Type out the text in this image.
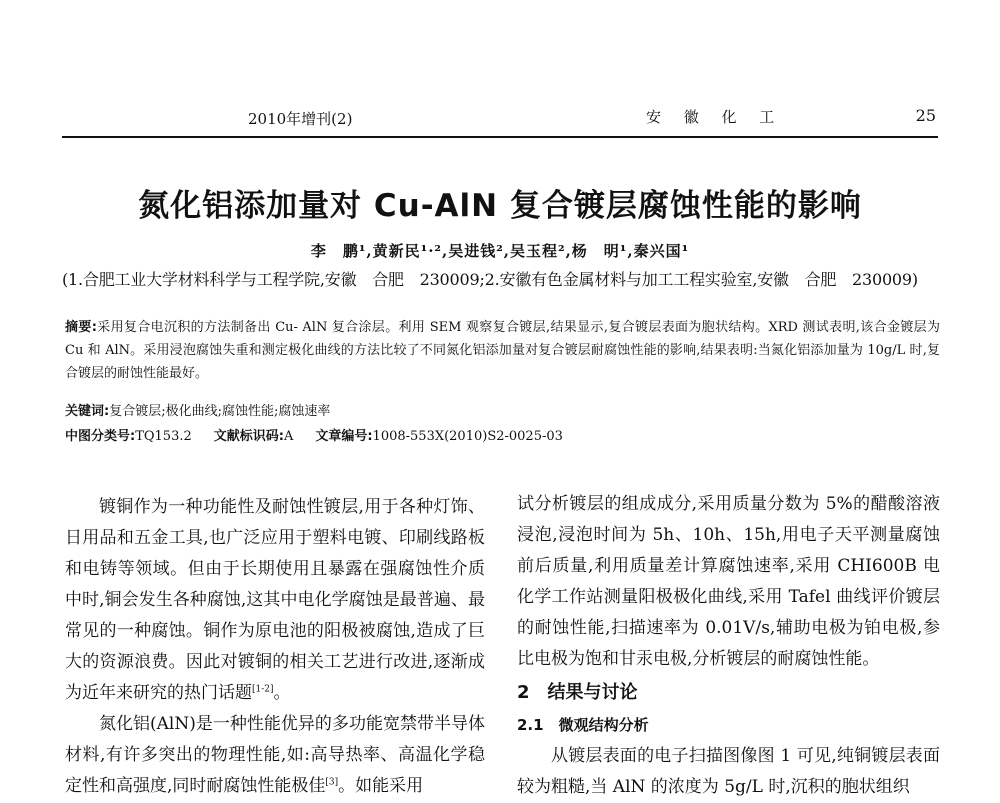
2010年增刊(2)	安 徽 化 工	25
氮化铝添加量对 Cu-AlN 复合镀层腐蚀性能的影响
李　鹏¹,黄新民¹·²,吴进钱²,吴玉程²,杨　明¹,秦兴国¹
(1.合肥工业大学材料科学与工程学院,安徽　合肥　230009;2.安徽有色金属材料与加工工程实验室,安徽　合肥　230009)
摘要:采用复合电沉积的方法制备出 Cu- AlN 复合涂层。利用 SEM 观察复合镀层,结果显示,复合镀层表面为胞状结构。XRD 测试表明,该合金镀层为 Cu 和 AlN。采用浸泡腐蚀失重和测定极化曲线的方法比较了不同氮化铝添加量对复合镀层耐腐蚀性能的影响,结果表明:当氮化铝添加量为 10g/L 时,复合镀层的耐蚀性能最好。
关键词:复合镀层;极化曲线;腐蚀性能;腐蚀速率
中图分类号:TQ153.2 文献标识码:A 文章编号:1008-553X(2010)S2-0025-03

镀铜作为一种功能性及耐蚀性镀层,用于各种灯饰、日用品和五金工具,也广泛应用于塑料电镀、印刷线路板和电铸等领域。但由于长期使用且暴露在强腐蚀性介质中时,铜会发生各种腐蚀,这其中电化学腐蚀是最普遍、最常见的一种腐蚀。铜作为原电池的阳极被腐蚀,造成了巨大的资源浪费。因此对镀铜的相关工艺进行改进,逐渐成为近年来研究的热门话题[1-2]。

氮化铝(AlN)是一种性能优异的多功能宽禁带半导体材料,有许多突出的物理性能,如:高导热率、高温化学稳定性和高强度,同时耐腐蚀性能极佳[3]。如能采用

试分析镀层的组成成分,采用质量分数为 5%的醋酸溶液浸泡,浸泡时间为 5h、10h、15h,用电子天平测量腐蚀前后质量,利用质量差计算腐蚀速率,采用 CHI600B 电化学工作站测量阳极极化曲线,采用 Tafel 曲线评价镀层的耐蚀性能,扫描速率为 0.01V/s,辅助电极为铂电极,参比电极为饱和甘汞电极,分析镀层的耐腐蚀性能。

2　结果与讨论
2.1　微观结构分析

从镀层表面的电子扫描图像图 1 可见,纯铜镀层表面较为粗糙,当 AlN 的浓度为 5g/L 时,沉积的胞状组织
